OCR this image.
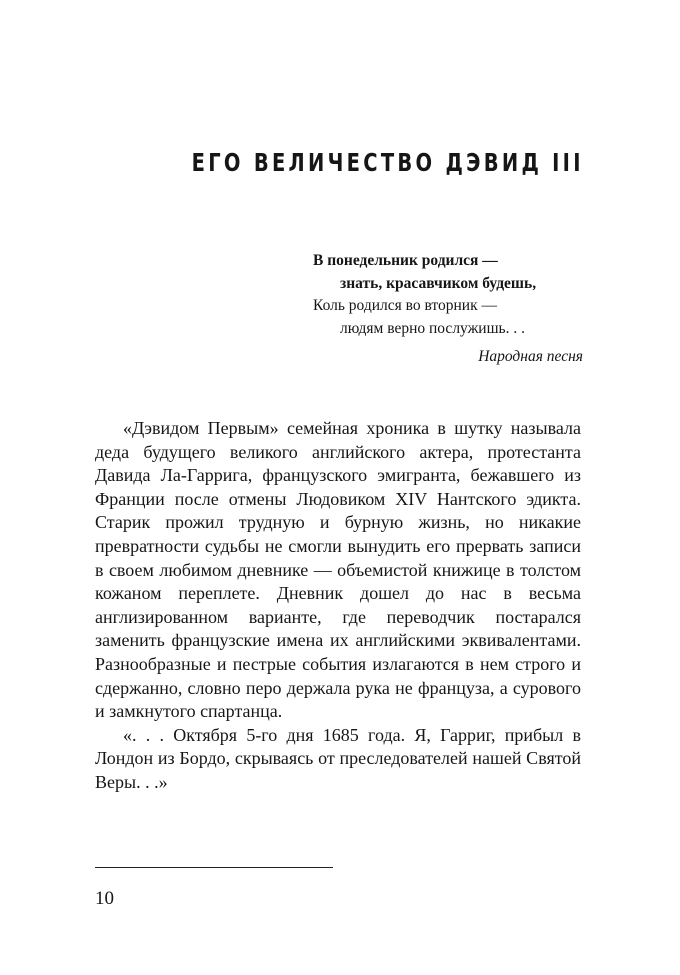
ЕГО ВЕЛИЧЕСТВО ДЭВИД III
В понедельник родился —
знать, красавчиком будешь,
Коль родился во вторник —
людям верно послужишь. . .
Народная песня

«Дэвидом Первым» семейная хроника в шутку называла деда будущего великого английского актера, протестанта Давида Ла-Гаррига, французского эмигранта, бежавшего из Франции после отмены Людовиком XIV Нантского эдикта. Старик прожил трудную и бурную жизнь, но никакие превратности судьбы не смогли вынудить его прервать записи в своем любимом дневнике — объемистой книжице в толстом кожаном переплете. Дневник дошел до нас в весьма англизированном варианте, где переводчик постарался заменить французские имена их английскими эквивалентами. Разнообразные и пестрые события излагаются в нем строго и сдержанно, словно перо держала рука не француза, а сурового и замкнутого спартанца.

«. . . Октября 5-го дня 1685 года. Я, Гарриг, прибыл в Лондон из Бордо, скрываясь от преследователей нашей Святой Веры. . .»

10
